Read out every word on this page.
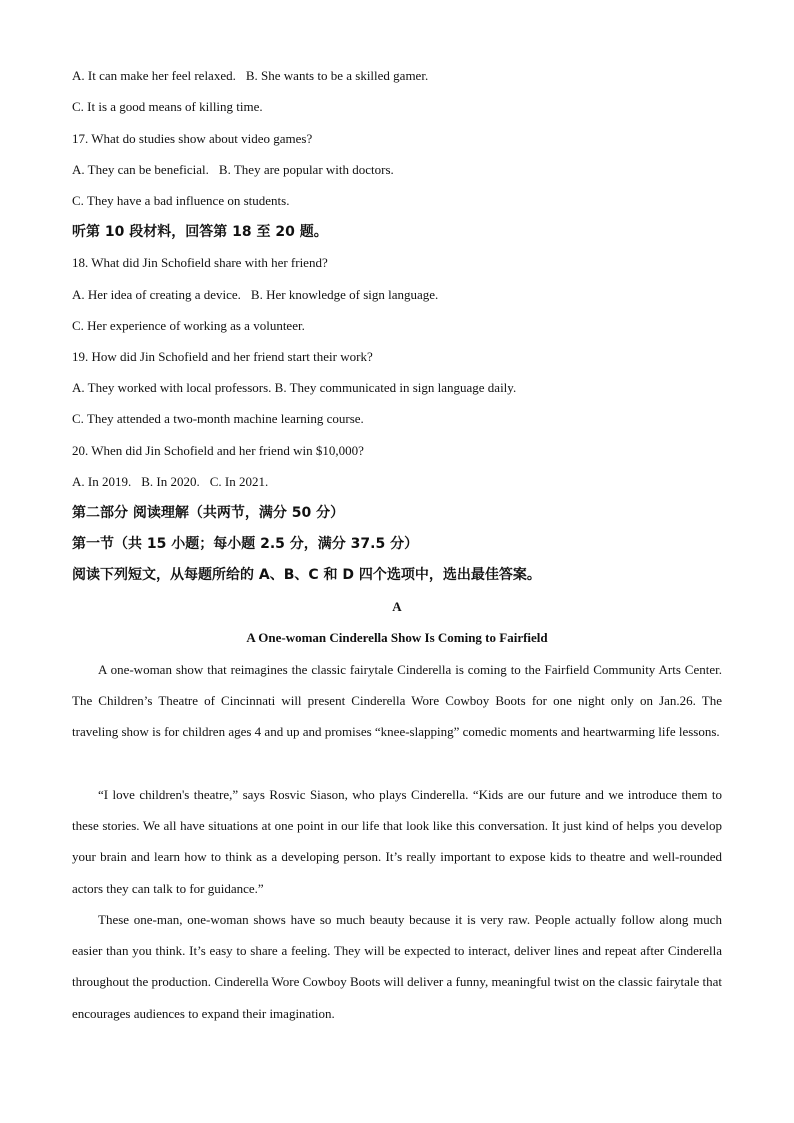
A. It can make her feel relaxed. B. She wants to be a skilled gamer.
C. It is a good means of killing time.
17. What do studies show about video games?
A. They can be beneficial. B. They are popular with doctors.
C. They have a bad influence on students.
听第 10 段材料，回答第 18 至 20 题。
18. What did Jin Schofield share with her friend?
A. Her idea of creating a device. B. Her knowledge of sign language.
C. Her experience of working as a volunteer.
19. How did Jin Schofield and her friend start their work?
A. They worked with local professors. B. They communicated in sign language daily.
C. They attended a two-month machine learning course.
20. When did Jin Schofield and her friend win $10,000?
A. In 2019. B. In 2020. C. In 2021.
第二部分 阅读理解（共两节，满分 50 分）
第一节（共 15 小题；每小题 2.5 分，满分 37.5 分）
阅读下列短文，从每题所给的 A、B、C 和 D 四个选项中，选出最佳答案。
A
A One-woman Cinderella Show Is Coming to Fairfield
A one-woman show that reimagines the classic fairytale Cinderella is coming to the Fairfield Community Arts Center. The Children’s Theatre of Cincinnati will present Cinderella Wore Cowboy Boots for one night only on Jan.26. The traveling show is for children ages 4 and up and promises “knee-slapping” comedic moments and heartwarming life lessons.
“I love children's theatre,” says Rosvic Siason, who plays Cinderella. “Kids are our future and we introduce them to these stories. We all have situations at one point in our life that look like this conversation. It just kind of helps you develop your brain and learn how to think as a developing person. It’s really important to expose kids to theatre and well-rounded actors they can talk to for guidance.”
These one-man, one-woman shows have so much beauty because it is very raw. People actually follow along much easier than you think. It’s easy to share a feeling. They will be expected to interact, deliver lines and repeat after Cinderella throughout the production. Cinderella Wore Cowboy Boots will deliver a funny, meaningful twist on the classic fairytale that encourages audiences to expand their imagination.
